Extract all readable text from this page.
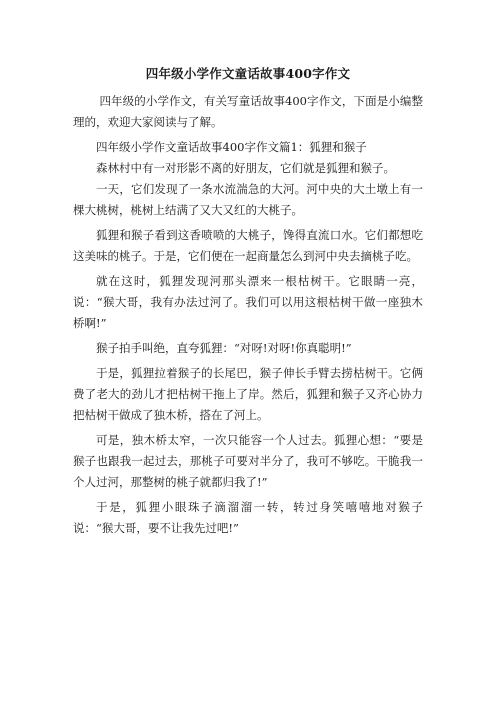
四年级小学作文童话故事400字作文

四年级的小学作文，有关写童话故事400字作文，下面是小编整理的，欢迎大家阅读与了解。

四年级小学作文童话故事400字作文篇1：狐狸和猴子

森林村中有一对形影不离的好朋友，它们就是狐狸和猴子。

一天，它们发现了一条水流湍急的大河。河中央的大土墩上有一棵大桃树，桃树上结满了又大又红的大桃子。

狐狸和猴子看到这香喷喷的大桃子，馋得直流口水。它们都想吃这美味的桃子。于是，它们便在一起商量怎么到河中央去摘桃子吃。

就在这时，狐狸发现河那头漂来一根枯树干。它眼睛一亮，说：“猴大哥，我有办法过河了。我们可以用这根枯树干做一座独木桥啊!”

猴子拍手叫绝，直夸狐狸：“对呀!对呀!你真聪明!”

于是，狐狸拉着猴子的长尾巴，猴子伸长手臂去捞枯树干。它俩费了老大的劲儿才把枯树干拖上了岸。然后，狐狸和猴子又齐心协力把枯树干做成了独木桥，搭在了河上。

可是，独木桥太窄，一次只能容一个人过去。狐狸心想：“要是猴子也跟我一起过去，那桃子可要对半分了，我可不够吃。干脆我一个人过河，那整树的桃子就都归我了!”

于是，狐狸小眼珠子滴溜溜一转，转过身笑嘻嘻地对猴子说：“猴大哥，要不让我先过吧!”
